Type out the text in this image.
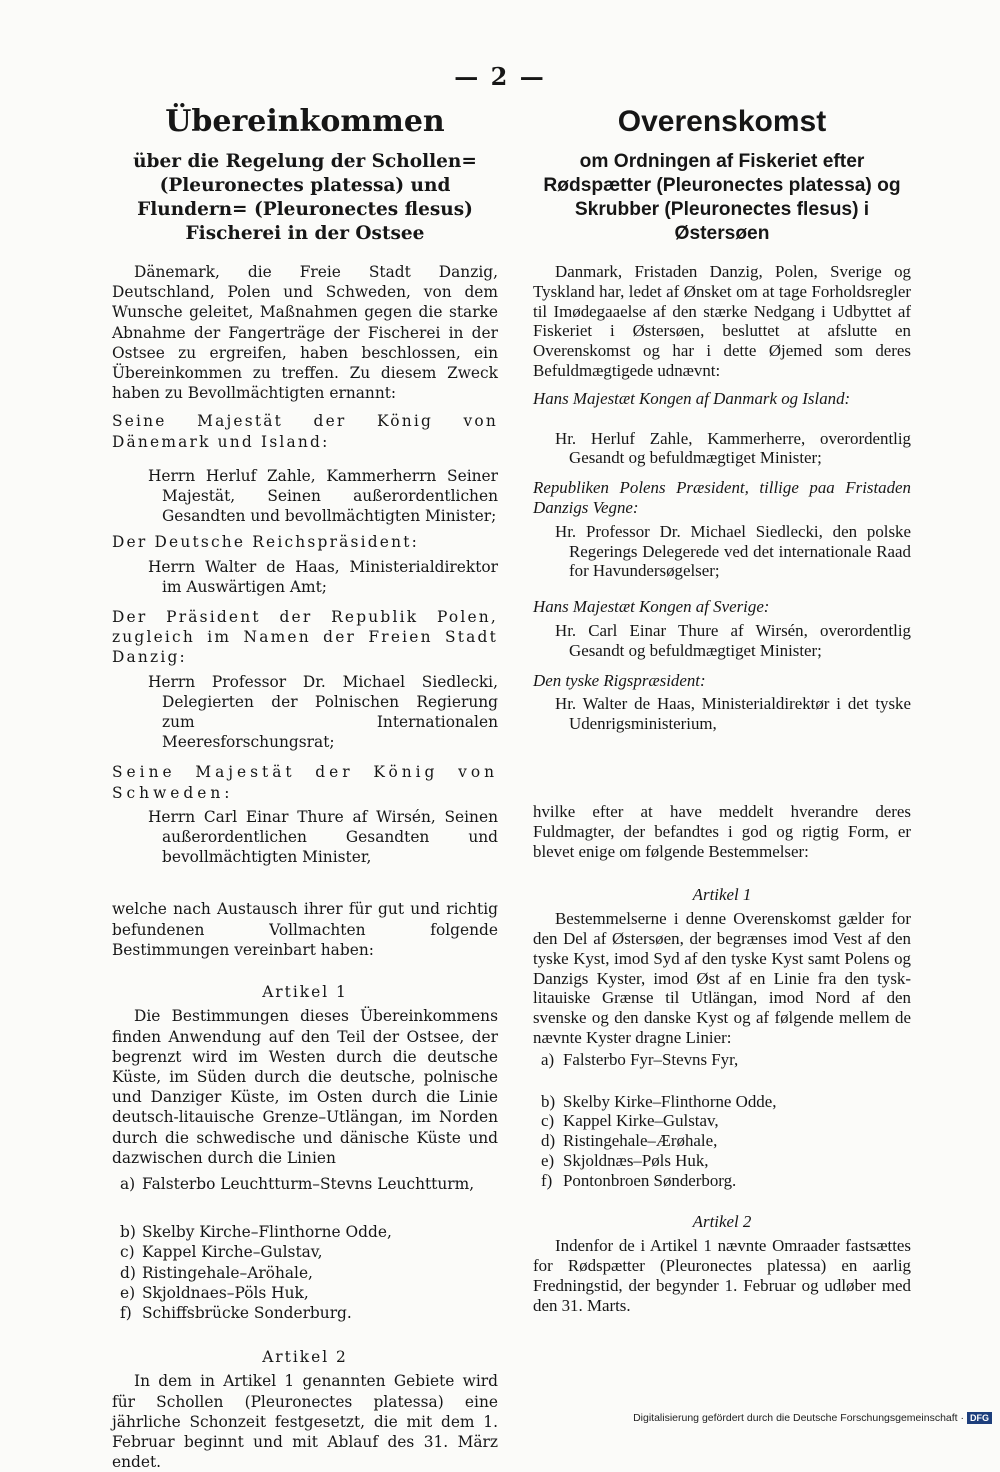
— 2 —
Übereinkommen
über die Regelung der Schollen= (Pleuronectes platessa) und Flundern= (Pleuronectes flesus) Fischerei in der Ostsee

Dänemark, die Freie Stadt Danzig, Deutschland, Polen und Schweden, von dem Wunsche geleitet, Maßnahmen gegen die starke Abnahme der Fangerträge der Fischerei in der Ostsee zu ergreifen, haben beschlossen, ein Übereinkommen zu treffen. Zu diesem Zweck haben zu Bevollmächtigten ernannt:

Seine Majestät der König von Dänemark und Island:

Herrn Herluf Zahle, Kammerherrn Seiner Majestät, Seinen außerordentlichen Gesandten und bevollmächtigten Minister;

Der Deutsche Reichspräsident:

Herrn Walter de Haas, Ministerialdirektor im Auswärtigen Amt;

Der Präsident der Republik Polen, zugleich im Namen der Freien Stadt Danzig:

Herrn Professor Dr. Michael Siedlecki, Delegierten der Polnischen Regierung zum Internationalen Meeresforschungsrat;

Seine Majestät der König von Schweden:

Herrn Carl Einar Thure af Wirsén, Seinen außerordentlichen Gesandten und bevollmächtigten Minister,

welche nach Austausch ihrer für gut und richtig befundenen Vollmachten folgende Bestimmungen vereinbart haben:

Artikel 1

Die Bestimmungen dieses Übereinkommens finden Anwendung auf den Teil der Ostsee, der begrenzt wird im Westen durch die deutsche Küste, im Süden durch die deutsche, polnische und Danziger Küste, im Osten durch die Linie deutsch-litauische Grenze–Utlängan, im Norden durch die schwedische und dänische Küste und dazwischen durch die Linien

a) Falsterbo Leuchtturm–Stevns Leuchtturm,
b) Skelby Kirche–Flinthorne Odde,
c) Kappel Kirche–Gulstav,
d) Ristingehale–Aröhale,
e) Skjoldnaes–Pöls Huk,
f) Schiffsbrücke Sonderburg.
Artikel 2

In dem in Artikel 1 genannten Gebiete wird für Schollen (Pleuronectes platessa) eine jährliche Schonzeit festgesetzt, die mit dem 1. Februar beginnt und mit Ablauf des 31. März endet.

Overenskomst
om Ordningen af Fiskeriet efter Rødspætter (Pleuronectes platessa) og Skrubber (Pleuronectes flesus) i Østersøen

Danmark, Fristaden Danzig, Polen, Sverige og Tyskland har, ledet af Ønsket om at tage Forholdsregler til Imødegaaelse af den stærke Nedgang i Udbyttet af Fiskeriet i Østersøen, besluttet at afslutte en Overenskomst og har i dette Øjemed som deres Befuldmægtigede udnævnt:

Hans Majestæt Kongen af Danmark og Island:

Hr. Herluf Zahle, Kammerherre, overordentlig Gesandt og befuldmægtiget Minister;

Republiken Polens Præsident, tillige paa Fristaden Danzigs Vegne:

Hr. Professor Dr. Michael Siedlecki, den polske Regerings Delegerede ved det internationale Raad for Havundersøgelser;

Hans Majestæt Kongen af Sverige:

Hr. Carl Einar Thure af Wirsén, overordentlig Gesandt og befuldmægtiget Minister;

Den tyske Rigspræsident:

Hr. Walter de Haas, Ministerialdirektør i det tyske Udenrigsministerium,

hvilke efter at have meddelt hverandre deres Fuldmagter, der befandtes i god og rigtig Form, er blevet enige om følgende Bestemmelser:

Artikel 1

Bestemmelserne i denne Overenskomst gælder for den Del af Østersøen, der begrænses imod Vest af den tyske Kyst, imod Syd af den tyske Kyst samt Polens og Danzigs Kyster, imod Øst af en Linie fra den tysk-litauiske Grænse til Utlängan, imod Nord af den svenske og den danske Kyst og af følgende mellem de nævnte Kyster dragne Linier:

a) Falsterbo Fyr–Stevns Fyr,
b) Skelby Kirke–Flinthorne Odde,
c) Kappel Kirke–Gulstav,
d) Ristingehale–Ærøhale,
e) Skjoldnæs–Pøls Huk,
f) Pontonbroen Sønderborg.
Artikel 2

Indenfor de i Artikel 1 nævnte Omraader fastsættes for Rødspætter (Pleuronectes platessa) en aarlig Fredningstid, der begynder 1. Februar og udløber med den 31. Marts.

Digitalisierung gefördert durch die Deutsche Forschungsgemeinschaft · DFG
